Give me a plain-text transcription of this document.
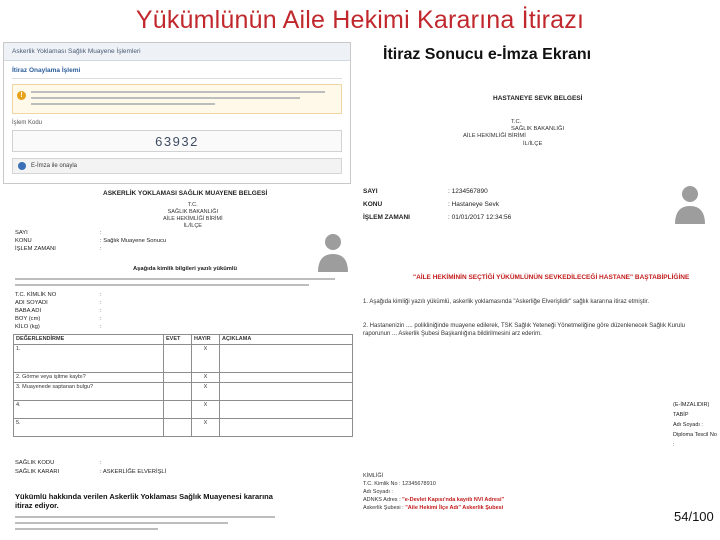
Yükümlünün Aile Hekimi Kararına İtirazı
İtiraz Sonucu e-İmza Ekranı
Askerlik Yoklaması Sağlık Muayene İşlemleri
İtiraz Onaylama İşlemi
!
İşlem Kodu
63932
E-İmza ile onayla
ASKERLİK YOKLAMASI SAĞLIK MUAYENE BELGESİ
T.C.
SAĞLIK BAKANLIĞI
AİLE HEKİMLİĞİ BİRİMİ
İL/İLÇE
SAYI	:
KONU	: Sağlık Muayene Sonucu
İŞLEM ZAMANI	:
Aşağıda kimlik bilgileri yazılı yükümlü
T.C. KİMLİK NO	:
ADI SOYADI	:
BABA ADI	:
BOY (cm)	:
KİLO (kg)	:
DEĞERLENDİRME	EVET	HAYIR	AÇIKLAMA
1.		X	
2. Görme veya işitme kaybı?		X	
3. Muayenede saptanan bulgu?		X	
4.		X	
5.		X	
SAĞLIK KODU	:
SAĞLIK KARARI	: ASKERLİĞE ELVERİŞLİ
Yükümlü hakkında verilen Askerlik Yoklaması Sağlık Muayenesi kararına itiraz ediyor.
HASTANEYE SEVK BELGESİ
T.C.
SAĞLIK BAKANLIĞI
AİLE HEKİMLİĞİ BİRİMİ
İL/İLÇE
SAYI	: 1234567890
KONU	: Hastaneye Sevk
İŞLEM ZAMANI	: 01/01/2017 12:34:56
"AİLE HEKİMİNİN SEÇTİĞİ YÜKÜMLÜNÜN SEVKEDİLECEĞİ HASTANE" BAŞTABİPLİĞİNE
1. Aşağıda kimliği yazılı yükümlü, askerlik yoklamasında "Askerliğe Elverişlidir" sağlık kararına itiraz etmiştir.
2. Hastanenizin .... polikliniğinde muayene edilerek, TSK Sağlık Yeteneği Yönetmeliğine göre düzenlenecek Sağlık Kurulu raporunun ... Askerlik Şubesi Başkanlığına bildirilmesini arz ederim.
(E-İMZALIDIR)
TABİP
Adı Soyadı :
Diploma Tescil No :
KİMLİĞİ
T.C. Kimlik No : 12345678910
Adı Soyadı :
ADNKS Adres : "e-Devlet Kapısı'nda kayıtlı NVI Adresi"
Askerlik Şubesi : "Aile Hekimi İlçe Adı" Askerlik Şubesi
54/100
